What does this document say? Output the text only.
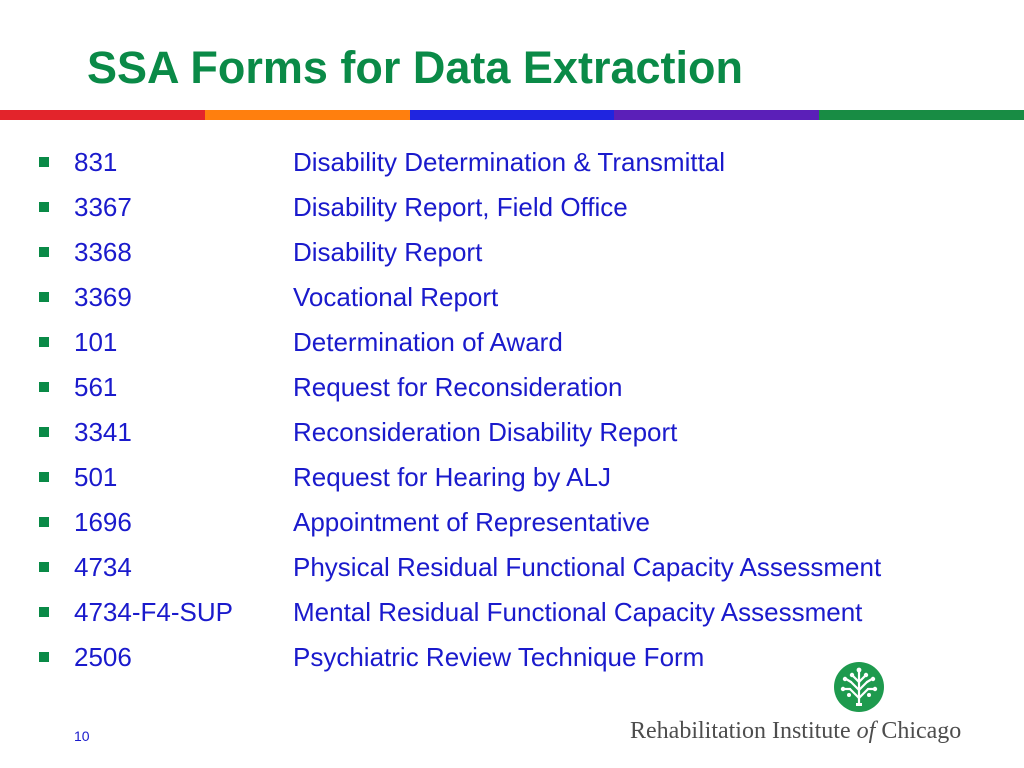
SSA Forms for Data Extraction
831	Disability Determination & Transmittal
3367	Disability Report, Field Office
3368	Disability Report
3369	Vocational Report
101	Determination of Award
561	Request for Reconsideration
3341	Reconsideration Disability Report
501	Request for Hearing by ALJ
1696	Appointment of Representative
4734	Physical Residual Functional Capacity Assessment
4734-F4-SUP Mental Residual Functional Capacity Assessment
2506	Psychiatric Review Technique Form
10	Rehabilitation Institute of Chicago
